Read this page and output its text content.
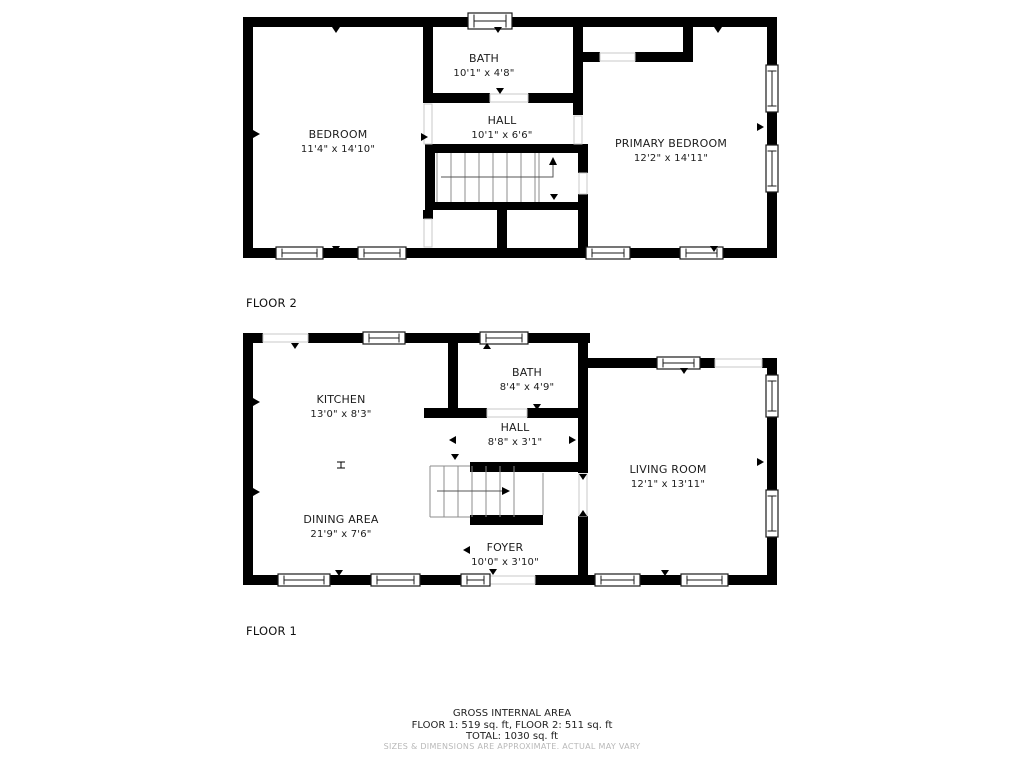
BATH
10'1" x 4'8"
HALL
10'1" x 6'6"
BEDROOM
11'4" x 14'10"	PRIMARY BEDROOM
12'2" x 14'11"
FLOOR 2
BATH
8'4" x 4'9"
HALL
8'8" x 3'1"
KITCHEN
13'0" x 8'3"
DINING AREA
21'9" x 7'6"
FOYER
10'0" x 3'10"
LIVING ROOM
12'1" x 13'11"
FLOOR 1
GROSS INTERNAL AREA
FLOOR 1: 519 sq. ft, FLOOR 2: 511 sq. ft
TOTAL: 1030 sq. ft
SIZES & DIMENSIONS ARE APPROXIMATE. ACTUAL MAY VARY
